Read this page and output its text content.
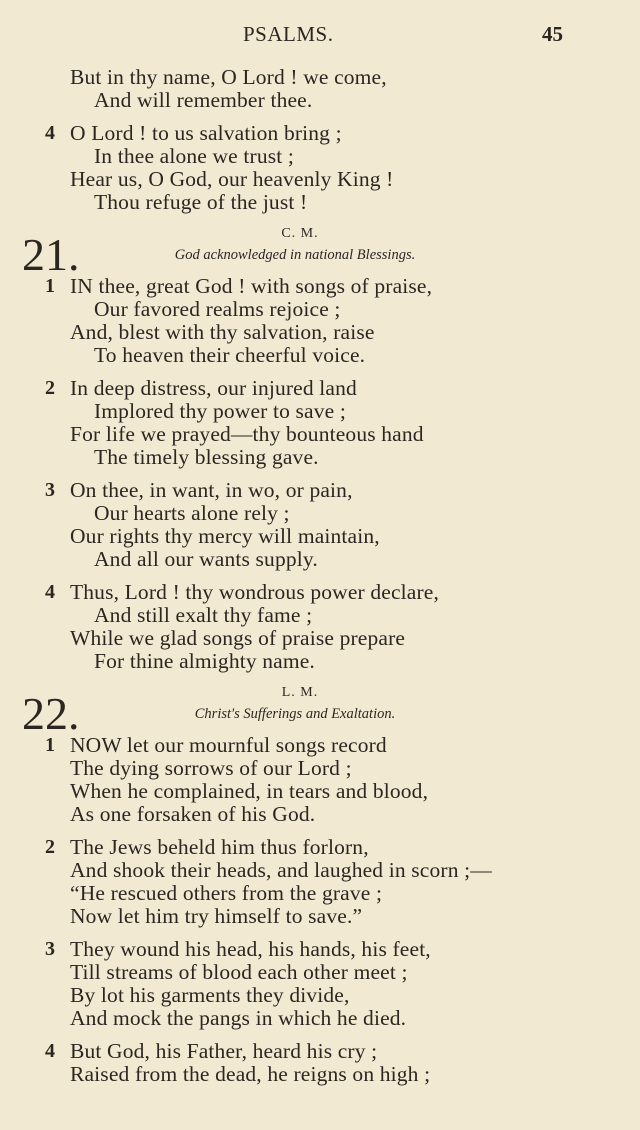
PSALMS.	45
But in thy name, O Lord ! we come,
And will remember thee.
4 O Lord ! to us salvation bring ;
In thee alone we trust ;
Hear us, O God, our heavenly King !
Thou refuge of the just !
21.	C. M.
God acknowledged in national Blessings.
1 IN thee, great God ! with songs of praise,
Our favored realms rejoice ;
And, blest with thy salvation, raise
To heaven their cheerful voice.
2 In deep distress, our injured land
Implored thy power to save ;
For life we prayed—thy bounteous hand
The timely blessing gave.
3 On thee, in want, in wo, or pain,
Our hearts alone rely ;
Our rights thy mercy will maintain,
And all our wants supply.
4 Thus, Lord ! thy wondrous power declare,
And still exalt thy fame ;
While we glad songs of praise prepare
For thine almighty name.
22.	L. M.
Christ's Sufferings and Exaltation.
1 NOW let our mournful songs record
The dying sorrows of our Lord ;
When he complained, in tears and blood,
As one forsaken of his God.
2 The Jews beheld him thus forlorn,
And shook their heads, and laughed in scorn ;—
“He rescued others from the grave ;
Now let him try himself to save.”
3 They wound his head, his hands, his feet,
Till streams of blood each other meet ;
By lot his garments they divide,
And mock the pangs in which he died.
4 But God, his Father, heard his cry ;
Raised from the dead, he reigns on high ;
